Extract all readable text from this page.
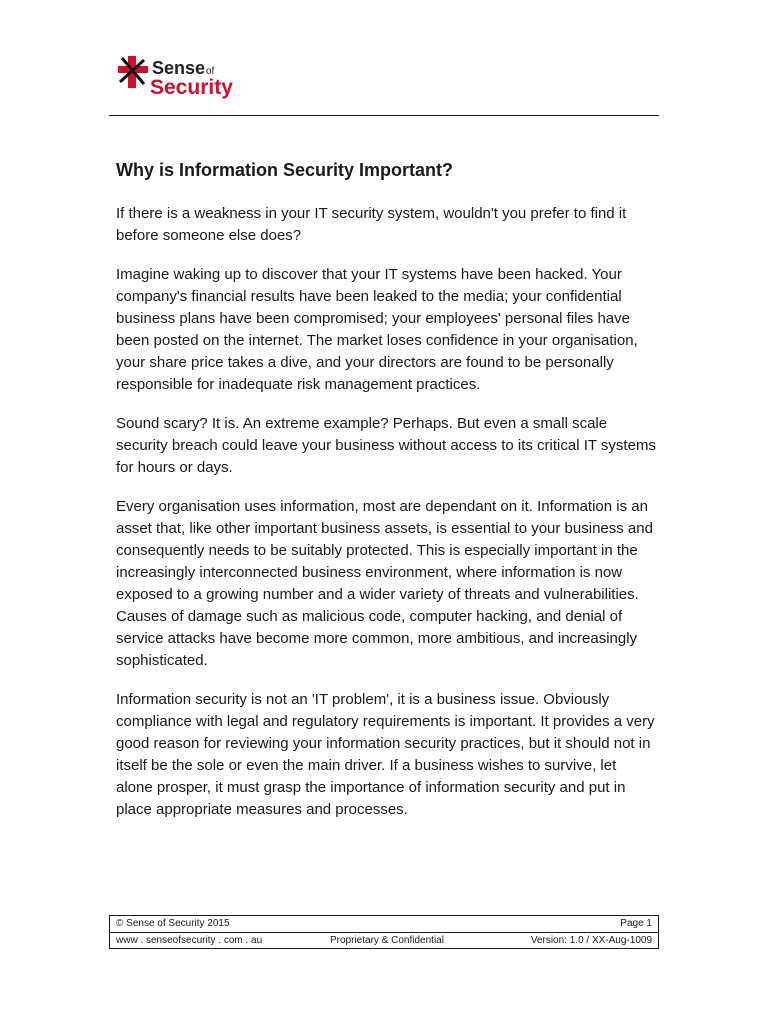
Sense of
Security
Why is Information Security Important?

If there is a weakness in your IT security system, wouldn't you prefer to find it before someone else does?

Imagine waking up to discover that your IT systems have been hacked. Your company's financial results have been leaked to the media; your confidential business plans have been compromised; your employees' personal files have been posted on the internet. The market loses confidence in your organisation, your share price takes a dive, and your directors are found to be personally responsible for inadequate risk management practices.

Sound scary? It is. An extreme example? Perhaps. But even a small scale security breach could leave your business without access to its critical IT systems for hours or days.

Every organisation uses information, most are dependant on it. Information is an asset that, like other important business assets, is essential to your business and consequently needs to be suitably protected. This is especially important in the increasingly interconnected business environment, where information is now exposed to a growing number and a wider variety of threats and vulnerabilities. Causes of damage such as malicious code, computer hacking, and denial of service attacks have become more common, more ambitious, and increasingly sophisticated.

Information security is not an 'IT problem', it is a business issue. Obviously compliance with legal and regulatory requirements is important. It provides a very good reason for reviewing your information security practices, but it should not in itself be the sole or even the main driver. If a business wishes to survive, let alone prosper, it must grasp the importance of information security and put in place appropriate measures and processes.

© Sense of Security 2015	Page 1
www . senseofsecurity . com . au	Proprietary & Confidential	Version: 1.0 / XX-Aug-1009
